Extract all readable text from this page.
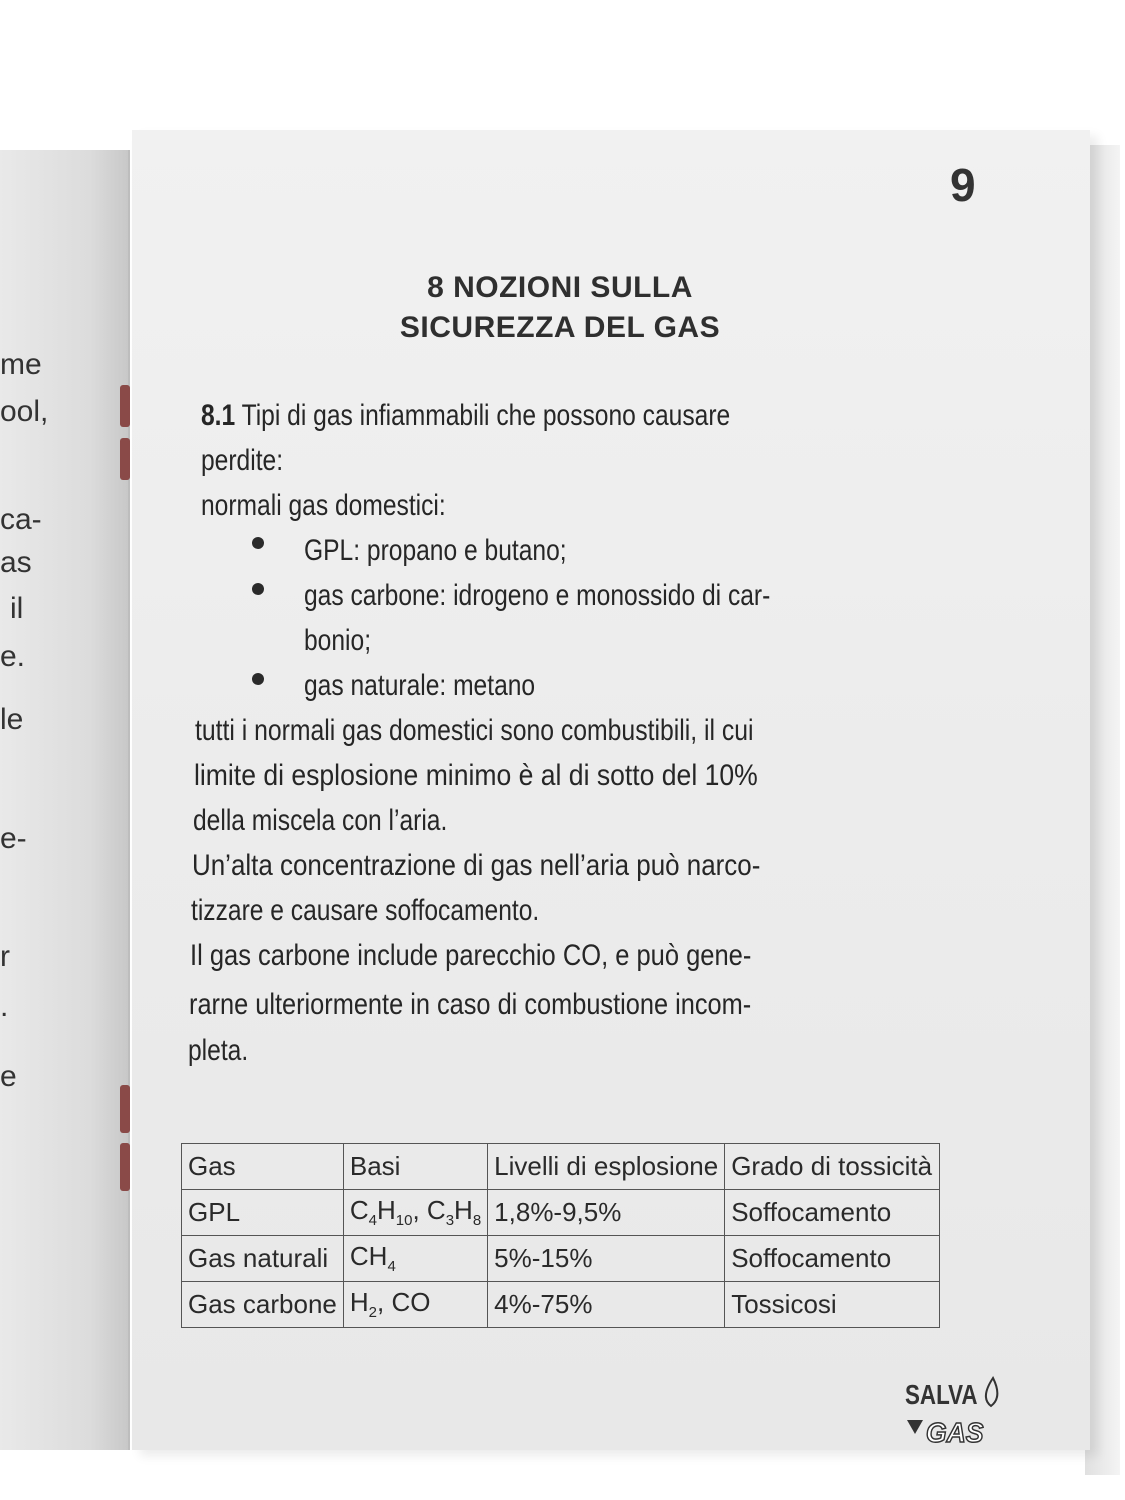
me
ool,
ca-
as
il
e.
le
e-
r
.
e
9
8 NOZIONI SULLA
SICUREZZA DEL GAS
8.1 Tipi di gas infiammabili che possono causare
perdite:
normali gas domestici:
GPL: propano e butano;
gas carbone: idrogeno e monossido di car-
bonio;
gas naturale: metano
tutti i normali gas domestici sono combustibili, il cui
limite di esplosione minimo è al di sotto del 10%
della miscela con l’aria.
Un’alta concentrazione di gas nell’aria può narco-
tizzare e causare soffocamento.
Il gas carbone include parecchio CO, e può gene-
rarne ulteriormente in caso di combustione incom-
pleta.
Gas	Basi	Livelli di esplosione	Grado di tossicità
GPL	$C_4H_{10}$, $C_3H_8$	1,8%-9,5%	Soffocamento
Gas naturali	$CH_4$	5%-15%	Soffocamento
Gas carbone	$H_2$, CO	4%-75%	Tossicosi
SALVA
GAS
